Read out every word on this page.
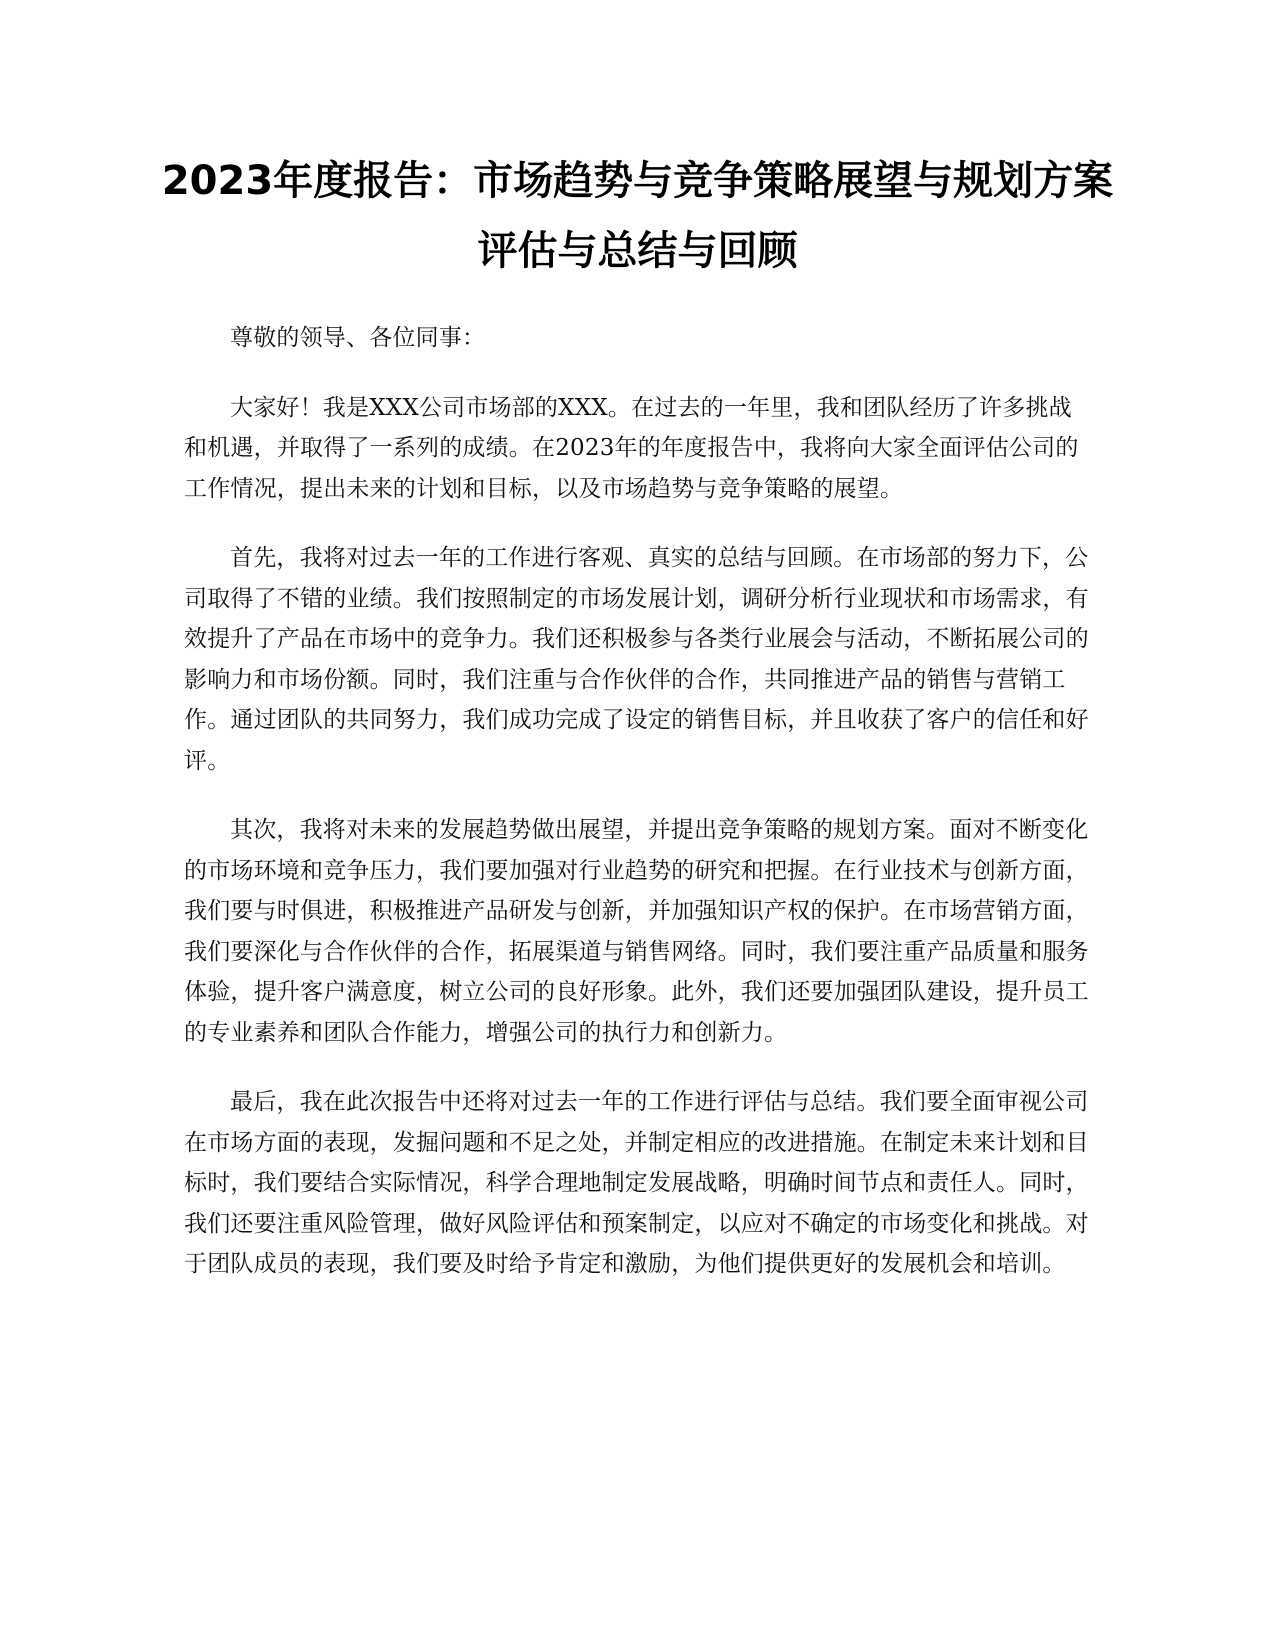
2023年度报告：市场趋势与竞争策略展望与规划方案评估与总结与回顾

尊敬的领导、各位同事：

大家好！我是XXX公司市场部的XXX。在过去的一年里，我和团队经历了许多挑战和机遇，并取得了一系列的成绩。在2023年的年度报告中，我将向大家全面评估公司的工作情况，提出未来的计划和目标，以及市场趋势与竞争策略的展望。

首先，我将对过去一年的工作进行客观、真实的总结与回顾。在市场部的努力下，公司取得了不错的业绩。我们按照制定的市场发展计划，调研分析行业现状和市场需求，有效提升了产品在市场中的竞争力。我们还积极参与各类行业展会与活动，不断拓展公司的影响力和市场份额。同时，我们注重与合作伙伴的合作，共同推进产品的销售与营销工作。通过团队的共同努力，我们成功完成了设定的销售目标，并且收获了客户的信任和好评。

其次，我将对未来的发展趋势做出展望，并提出竞争策略的规划方案。面对不断变化的市场环境和竞争压力，我们要加强对行业趋势的研究和把握。在行业技术与创新方面，我们要与时俱进，积极推进产品研发与创新，并加强知识产权的保护。在市场营销方面，我们要深化与合作伙伴的合作，拓展渠道与销售网络。同时，我们要注重产品质量和服务体验，提升客户满意度，树立公司的良好形象。此外，我们还要加强团队建设，提升员工的专业素养和团队合作能力，增强公司的执行力和创新力。

最后，我在此次报告中还将对过去一年的工作进行评估与总结。我们要全面审视公司在市场方面的表现，发掘问题和不足之处，并制定相应的改进措施。在制定未来计划和目标时，我们要结合实际情况，科学合理地制定发展战略，明确时间节点和责任人。同时，我们还要注重风险管理，做好风险评估和预案制定，以应对不确定的市场变化和挑战。对于团队成员的表现，我们要及时给予肯定和激励，为他们提供更好的发展机会和培训。
